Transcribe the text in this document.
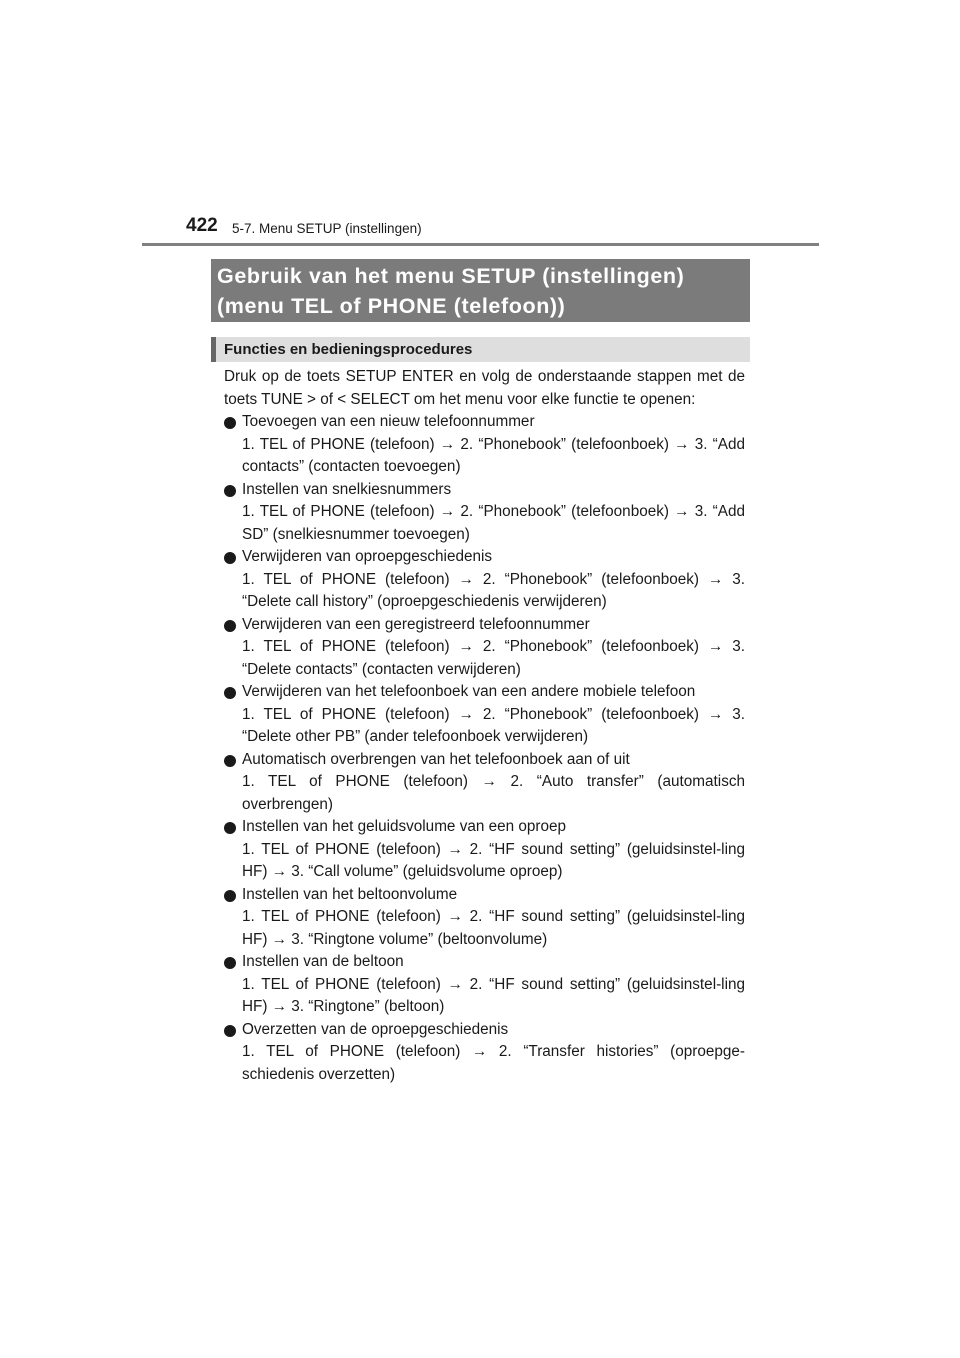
422 5-7. Menu SETUP (instellingen)
Gebruik van het menu SETUP (instellingen)
(menu TEL of PHONE (telefoon))
Functies en bedieningsprocedures
Druk op de toets SETUP ENTER en volg de onderstaande stappen met de toets TUNE > of < SELECT om het menu voor elke functie te openen:
Toevoegen van een nieuw telefoonnummer
1. TEL of PHONE (telefoon) → 2. “Phonebook” (telefoonboek) → 3. “Add contacts” (contacten toevoegen)
Instellen van snelkiesnummers
1. TEL of PHONE (telefoon) → 2. “Phonebook” (telefoonboek) → 3. “Add SD” (snelkiesnummer toevoegen)
Verwijderen van oproepgeschiedenis
1. TEL of PHONE (telefoon) → 2. “Phonebook” (telefoonboek) → 3. “Delete call history” (oproepgeschiedenis verwijderen)
Verwijderen van een geregistreerd telefoonnummer
1. TEL of PHONE (telefoon) → 2. “Phonebook” (telefoonboek) → 3. “Delete contacts” (contacten verwijderen)
Verwijderen van het telefoonboek van een andere mobiele telefoon
1. TEL of PHONE (telefoon) → 2. “Phonebook” (telefoonboek) → 3. “Delete other PB” (ander telefoonboek verwijderen)
Automatisch overbrengen van het telefoonboek aan of uit
1. TEL of PHONE (telefoon) → 2. “Auto transfer” (automatisch overbrengen)
Instellen van het geluidsvolume van een oproep
1. TEL of PHONE (telefoon) → 2. “HF sound setting” (geluidsinstel-ling HF) → 3. “Call volume” (geluidsvolume oproep)
Instellen van het beltoonvolume
1. TEL of PHONE (telefoon) → 2. “HF sound setting” (geluidsinstel-ling HF) → 3. “Ringtone volume” (beltoonvolume)
Instellen van de beltoon
1. TEL of PHONE (telefoon) → 2. “HF sound setting” (geluidsinstel-ling HF) → 3. “Ringtone” (beltoon)
Overzetten van de oproepgeschiedenis
1. TEL of PHONE (telefoon) → 2. “Transfer histories” (oproepge-schiedenis overzetten)
